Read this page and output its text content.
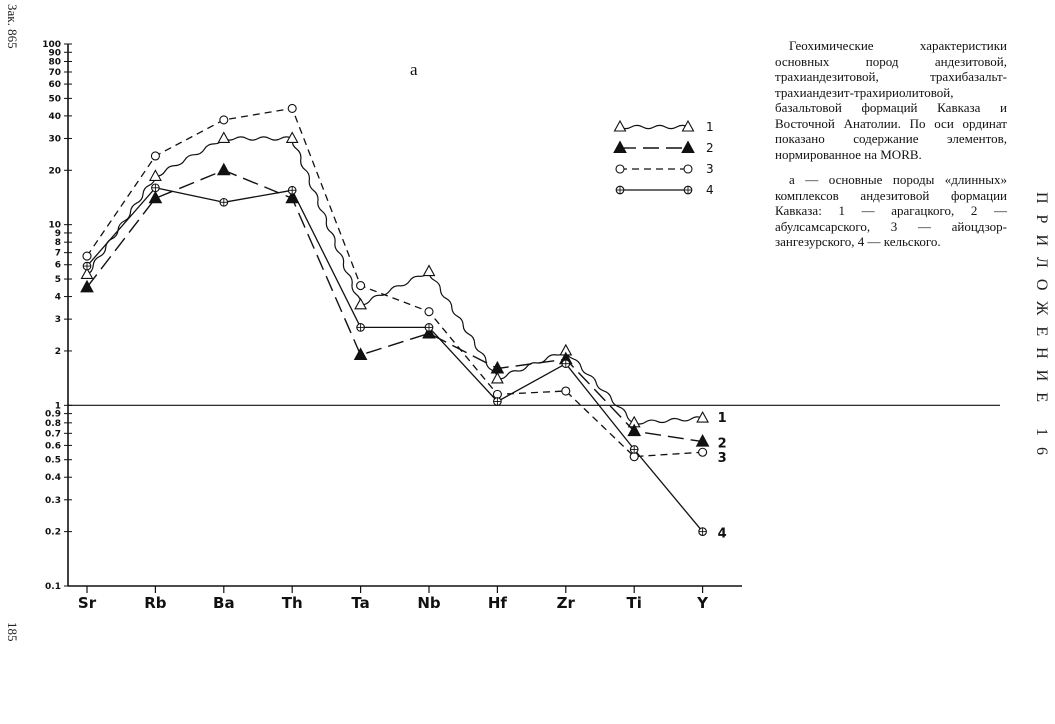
Зак. 865
185
ПРИЛОЖЕНИЕ 16
0.1
0.2
0.3
0.4
0.5
0.6
0.7
0.8
0.9
1
2
3
4
5
6
7
8
9
10
20
30
40
50
60
70
80
90
100
Sr	Rb	Ba	Th	Ta	Nb	Hf	Zr	Ti	Y
а
1
2
3
4
1
2
3
4

Геохимические характеристики основных пород андезитовой, трахиандезитовой, трахибазальт-трахиандезит-трахириолитовой, базальтовой формаций Кавказа и Восточной Анатолии. По оси ординат показано содержание элементов, нормированное на MORB.

а — основные породы «длинных» комплексов андезитовой формации Кавказа: 1 — арагацкого, 2 — абулсамсарского, 3 — айоцдзор-зангезурского, 4 — кельского.
